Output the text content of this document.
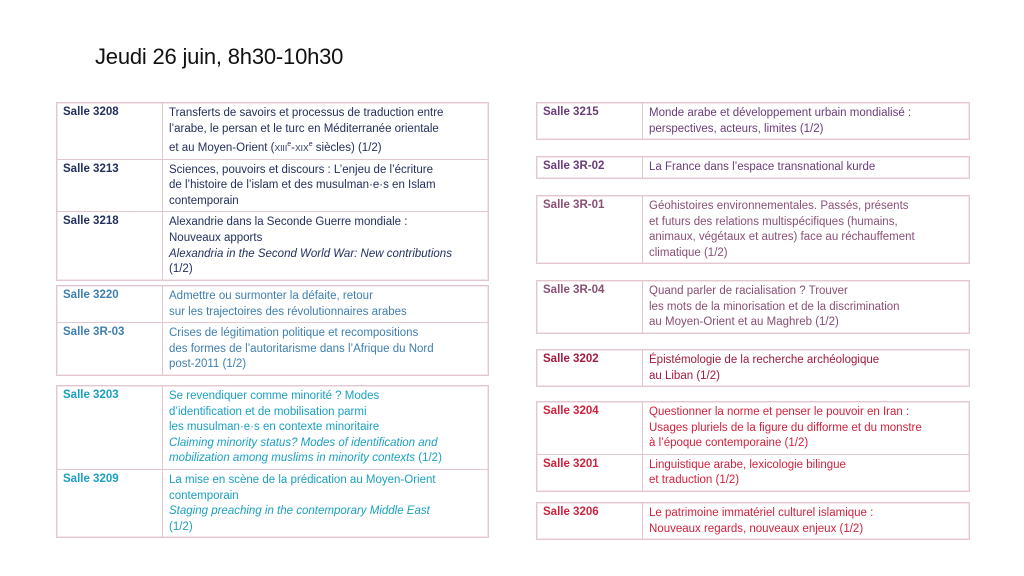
Jeudi 26 juin, 8h30-10h30
Salle 3208	Transferts de savoirs et processus de traduction entre
l’arabe, le persan et le turc en Méditerranée orientale
et au Moyen-Orient (XIIIe-XIXe siècles) (1/2)
Salle 3213	Sciences, pouvoirs et discours : L’enjeu de l’écriture
de l’histoire de l’islam et des musulman·e·s en Islam
contemporain
Salle 3218	Alexandrie dans la Seconde Guerre mondiale :
Nouveaux apports
Alexandria in the Second World War: New contributions
(1/2)
Salle 3220	Admettre ou surmonter la défaite, retour
sur les trajectoires des révolutionnaires arabes
Salle 3R-03	Crises de légitimation politique et recompositions
des formes de l’autoritarisme dans l’Afrique du Nord
post-2011 (1/2)
Salle 3203	Se revendiquer comme minorité ? Modes
d’identification et de mobilisation parmi
les musulman·e·s en contexte minoritaire
Claiming minority status? Modes of identification and
mobilization among muslims in minority contexts (1/2)
Salle 3209	La mise en scène de la prédication au Moyen-Orient
contemporain
Staging preaching in the contemporary Middle East
(1/2)
Salle 3215	Monde arabe et développement urbain mondialisé :
perspectives, acteurs, limites (1/2)
Salle 3R-02	La France dans l’espace transnational kurde
Salle 3R-01	Géohistoires environnementales. Passés, présents
et futurs des relations multispécifiques (humains,
animaux, végétaux et autres) face au réchauffement
climatique (1/2)
Salle 3R-04	Quand parler de racialisation ? Trouver
les mots de la minorisation et de la discrimination
au Moyen-Orient et au Maghreb (1/2)
Salle 3202	Épistémologie de la recherche archéologique
au Liban (1/2)
Salle 3204	Questionner la norme et penser le pouvoir en Iran :
Usages pluriels de la figure du difforme et du monstre
à l’époque contemporaine (1/2)
Salle 3201	Linguistique arabe, lexicologie bilingue
et traduction (1/2)
Salle 3206	Le patrimoine immatériel culturel islamique :
Nouveaux regards, nouveaux enjeux (1/2)
